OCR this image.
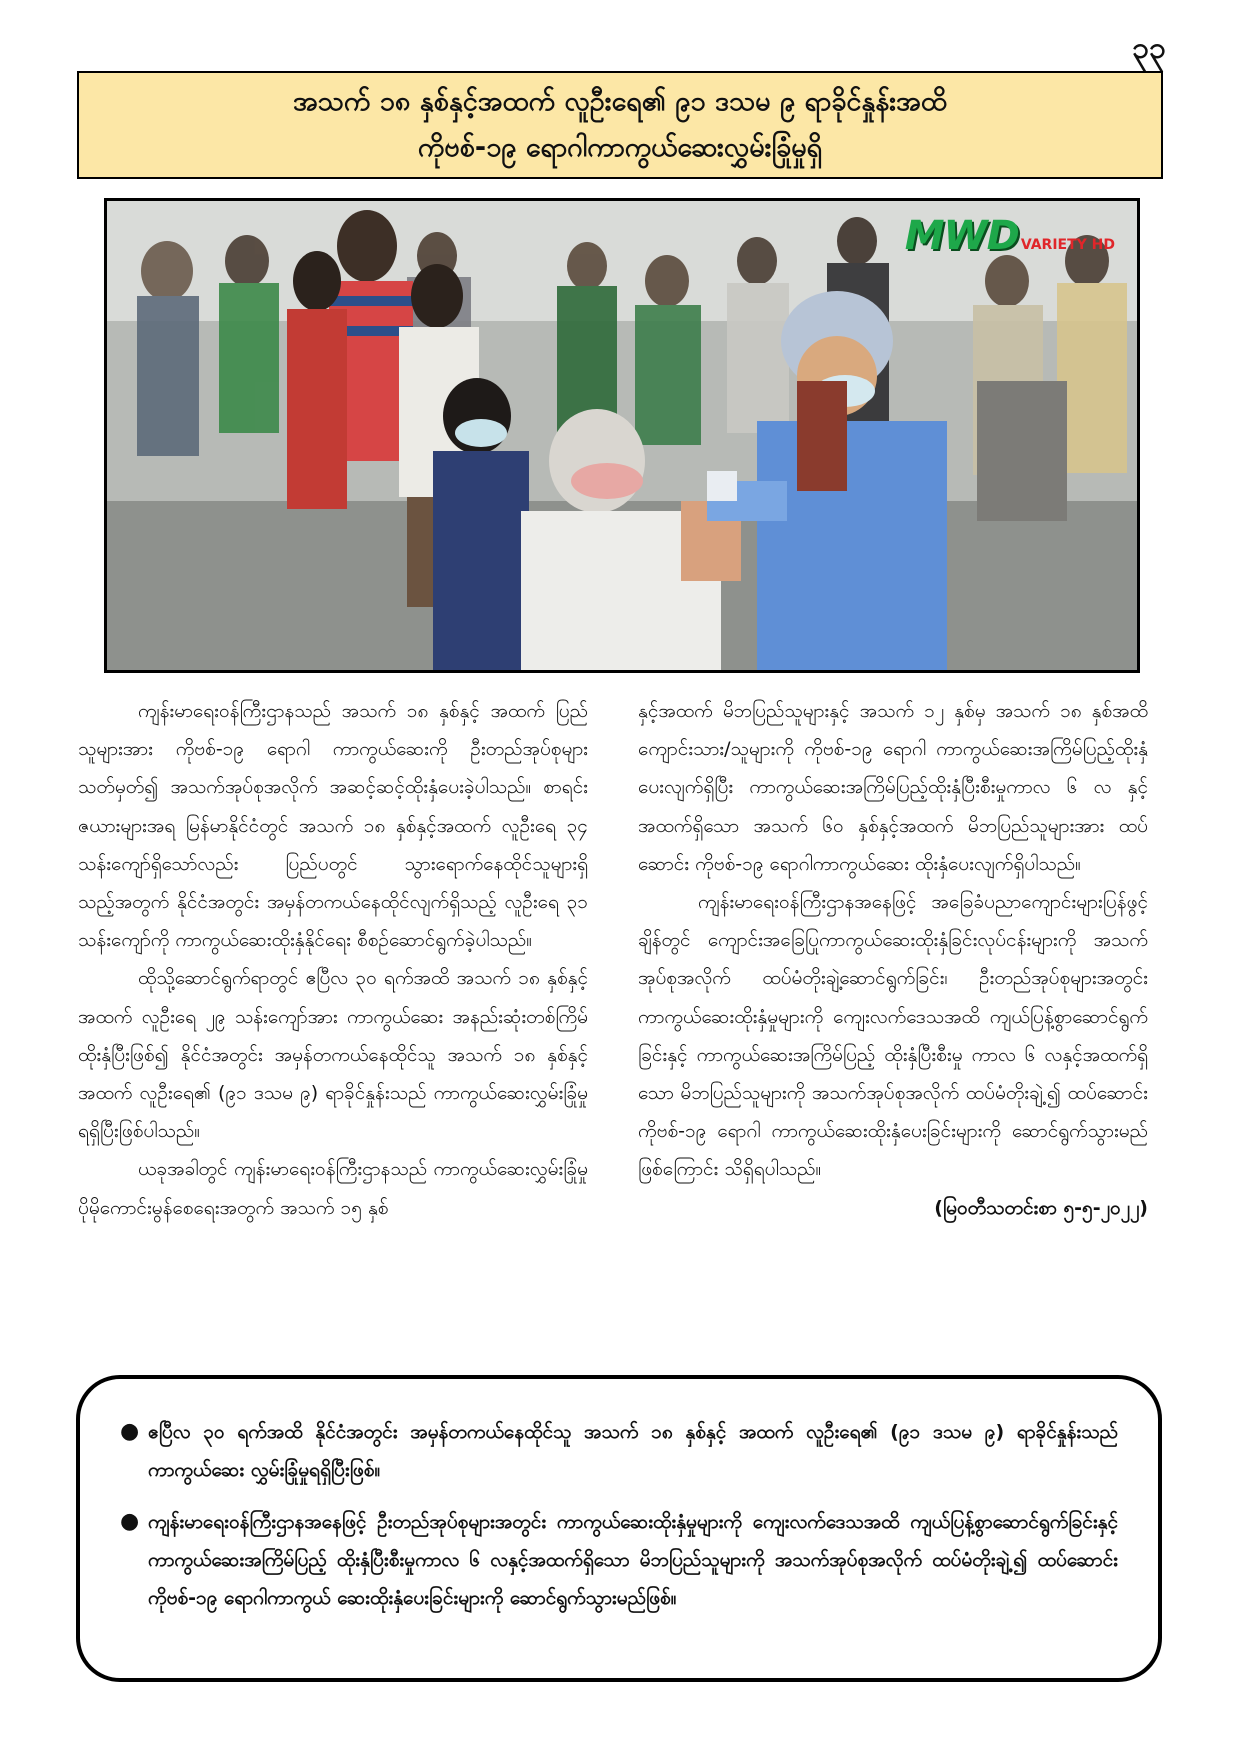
၃၃
အသက် ၁၈ နှစ်နှင့်အထက် လူဦးရေ၏ ၉၁ ဒသမ ၉ ရာခိုင်နှုန်းအထိ
ကိုဗစ်-၁၉ ရောဂါကာကွယ်ဆေးလွှမ်းခြုံမှုရှိ
MWD VARIETY HD

ကျန်းမာရေးဝန်ကြီးဌာနသည် အသက် ၁၈ နှစ်နှင့် အထက် ပြည်သူများအား ကိုဗစ်-၁၉ ရောဂါ ကာကွယ်ဆေးကို ဦးတည်အုပ်စုများသတ်မှတ်၍ အသက်အုပ်စုအလိုက် အဆင့်ဆင့်ထိုးနှံပေးခဲ့ပါသည်။ စာရင်းဇယားများအရ မြန်မာနိုင်ငံတွင် အသက် ၁၈ နှစ်နှင့်အထက် လူဦးရေ ၃၄ သန်းကျော်ရှိသော်လည်း ပြည်ပတွင် သွားရောက်နေထိုင်သူများရှိသည့်အတွက် နိုင်ငံအတွင်း အမှန်တကယ်နေထိုင်လျက်ရှိသည့် လူဦးရေ ၃၁ သန်းကျော်ကို ကာကွယ်ဆေးထိုးနှံနိုင်ရေး စီစဉ်ဆောင်ရွက်ခဲ့ပါသည်။

ထိုသို့ဆောင်ရွက်ရာတွင် ဧပြီလ ၃၀ ရက်အထိ အသက် ၁၈ နှစ်နှင့်အထက် လူဦးရေ ၂၉ သန်းကျော်အား ကာကွယ်ဆေး အနည်းဆုံးတစ်ကြိမ် ထိုးနှံပြီးဖြစ်၍ နိုင်ငံအတွင်း အမှန်တကယ်နေထိုင်သူ အသက် ၁၈ နှစ်နှင့်အထက် လူဦးရေ၏ (၉၁ ဒသမ ၉) ရာခိုင်နှုန်းသည် ကာကွယ်ဆေးလွှမ်းခြုံမှုရရှိပြီးဖြစ်ပါသည်။

ယခုအခါတွင် ကျန်းမာရေးဝန်ကြီးဌာနသည် ကာကွယ်ဆေးလွှမ်းခြုံမှု ပိုမိုကောင်းမွန်စေရေးအတွက် အသက် ၁၅ နှစ်

နှင့်အထက် မိဘပြည်သူများနှင့် အသက် ၁၂ နှစ်မှ အသက် ၁၈ နှစ်အထိ ကျောင်းသား/သူများကို ကိုဗစ်-၁၉ ရောဂါ ကာကွယ်ဆေးအကြိမ်ပြည့်ထိုးနှံပေးလျက်ရှိပြီး ကာကွယ်ဆေးအကြိမ်ပြည့်ထိုးနှံပြီးစီးမှုကာလ ၆ လ နှင့်အထက်ရှိသော အသက် ၆၀ နှစ်နှင့်အထက် မိဘပြည်သူများအား ထပ်ဆောင်း ကိုဗစ်-၁၉ ရောဂါကာကွယ်ဆေး ထိုးနှံပေးလျက်ရှိပါသည်။

ကျန်းမာရေးဝန်ကြီးဌာနအနေဖြင့် အခြေခံပညာကျောင်းများပြန်ဖွင့်ချိန်တွင် ကျောင်းအခြေပြုကာကွယ်ဆေးထိုးနှံခြင်းလုပ်ငန်းများကို အသက်အုပ်စုအလိုက် ထပ်မံတိုးချဲ့ဆောင်ရွက်ခြင်း၊ ဦးတည်အုပ်စုများအတွင်း ကာကွယ်ဆေးထိုးနှံမှုများကို ကျေးလက်ဒေသအထိ ကျယ်ပြန့်စွာဆောင်ရွက်ခြင်းနှင့် ကာကွယ်ဆေးအကြိမ်ပြည့် ထိုးနှံပြီးစီးမှု ကာလ ၆ လနှင့်အထက်ရှိသော မိဘပြည်သူများကို အသက်အုပ်စုအလိုက် ထပ်မံတိုးချဲ့၍ ထပ်ဆောင်း ကိုဗစ်-၁၉ ရောဂါ ကာကွယ်ဆေးထိုးနှံပေးခြင်းများကို ဆောင်ရွက်သွားမည်ဖြစ်ကြောင်း သိရှိရပါသည်။

(မြဝတီသတင်းစာ ၅-၅-၂၀၂၂)
● ဧပြီလ ၃၀ ရက်အထိ နိုင်ငံအတွင်း အမှန်တကယ်နေထိုင်သူ အသက် ၁၈ နှစ်နှင့် အထက် လူဦးရေ၏ (၉၁ ဒသမ ၉) ရာခိုင်နှုန်းသည် ကာကွယ်ဆေး လွှမ်းခြုံမှုရရှိပြီးဖြစ်။
● ကျန်းမာရေးဝန်ကြီးဌာနအနေဖြင့် ဦးတည်အုပ်စုများအတွင်း ကာကွယ်ဆေးထိုးနှံမှုများကို ကျေးလက်ဒေသအထိ ကျယ်ပြန့်စွာဆောင်ရွက်ခြင်းနှင့် ကာကွယ်ဆေးအကြိမ်ပြည့် ထိုးနှံပြီးစီးမှုကာလ ၆ လနှင့်အထက်ရှိသော မိဘပြည်သူများကို အသက်အုပ်စုအလိုက် ထပ်မံတိုးချဲ့၍ ထပ်ဆောင်း ကိုဗစ်-၁၉ ရောဂါကာကွယ် ဆေးထိုးနှံပေးခြင်းများကို ဆောင်ရွက်သွားမည်ဖြစ်။
